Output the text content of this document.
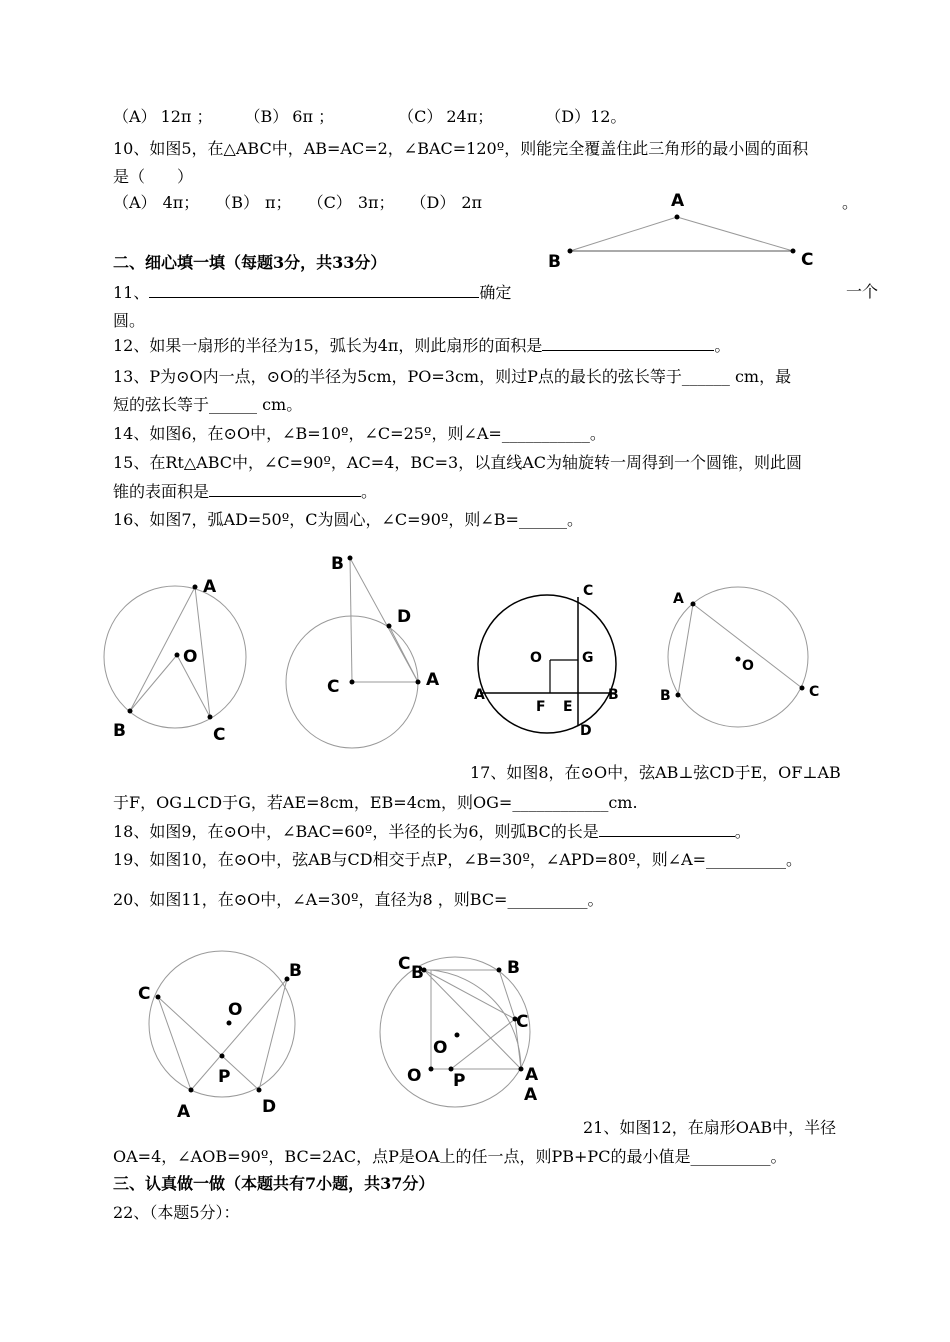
（A） 12π ；	（B） 6π ；	（C） 24π；	（D）12。
10、如图5，在△ABC中，AB=AC=2，∠BAC=120º，则能完全覆盖住此三角形的最小圆的面积
是（　　）
（A） 4π； （B） π； （C） 3π； （D） 2π	。
A
B	C
二、细心填一填（每题3分，共33分）
11、	确定	一个
圆。
12、如果一扇形的半径为15，弧长为4π，则此扇形的面积是	。
13、P为⊙O内一点，⊙O的半径为5cm，PO=3cm，则过P点的最长的弦长等于______ cm，最
短的弦长等于______ cm。
14、如图6，在⊙O中，∠B=10º，∠C=25º，则∠A=___________。
15、在Rt△ABC中，∠C=90º，AC=4，BC=3，以直线AC为轴旋转一周得到一个圆锥，则此圆
锥的表面积是	。
16、如图7，弧AD=50º，C为圆心，∠C=90º，则∠B=______。
A
O
B	C
B
D
C	A
C
O	G
A
F E
B
D
A
O
B	C
17、如图8，在⊙O中，弦AB⊥弦CD于E，OF⊥AB
于F，OG⊥CD于G，若AE=8cm，EB=4cm，则OG=____________cm.
18、如图9，在⊙O中，∠BAC=60º，半径的长为6，则弧BC的长是	。
19、如图10，在⊙O中，弦AB与CD相交于点P，∠B=30º，∠APD=80º，则∠A=__________。
20、如图11，在⊙O中，∠A=30º，直径为8 ，则BC=__________。
C
B
O
P
A	D
C B	B
C
O
O P	A
A
21、如图12，在扇形OAB中，半径
OA=4，∠AOB=90º，BC=2AC，点P是OA上的任一点，则PB+PC的最小值是__________。
三、认真做一做（本题共有7小题，共37分）
22、（本题5分）：
